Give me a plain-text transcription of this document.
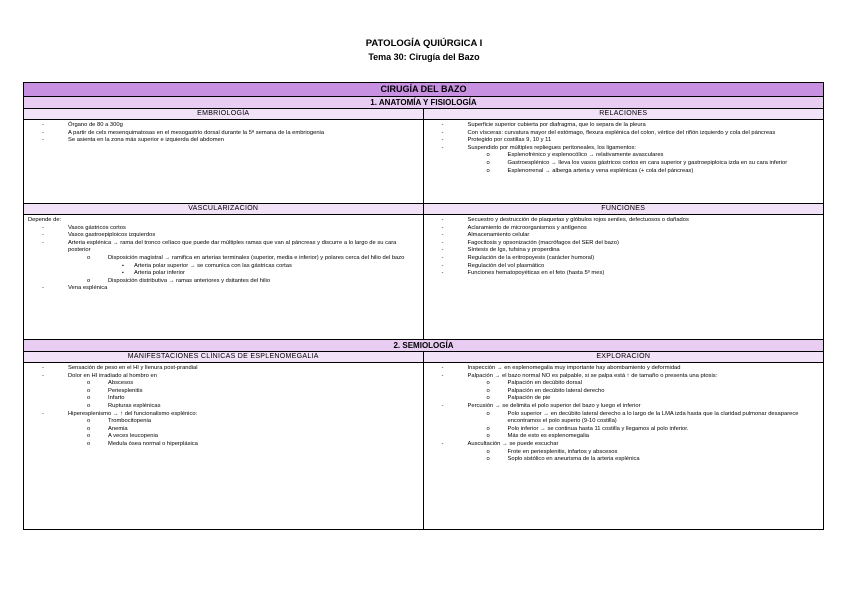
PATOLOGÍA QUIÚRGICA I
Tema 30: Cirugía del Bazo
CIRUGÍA DEL BAZO
1. ANATOMÍA Y FISIOLOGÍA
EMBRIOLOGÍA
- Órgano de 80 a 300g
- A partir de cels mesenquimatosas en el mesogastrio dorsal durante la 5ª semana de la embriogenia
- Se asienta en la zona más superior e izquierda del abdomen
RELACIONES
- Superficie superior cubierta por diafragma, que lo separa de la pleura
- Con vísceras: curvatura mayor del estómago, flexura esplénica del colon, vértice del riñón izquierdo y cola del páncreas
- Protegido por costillas 9, 10 y 11
- Suspendido por múltiples repliegues peritoneales, los ligamentos:
o Esplenofrénico y esplenocólico → relativamente avasculares
o Gastroesplénico → lleva los vasos gástricos cortos en cara superior y gastroepiploica izda en su cara inferior
o Esplenorrenal → alberga arteria y vena esplénicas (+ cola del páncreas)
VASCULARIZACIÓN
Depende de:
- Vasos gástricos cortos
- Vasos gastroepiploicos izquierdos
- Arteria esplénica → rama del tronco celíaco que puede dar múltiples ramas que van al páncreas y discurre a lo largo de su cara posterior
o Disposición magistral → ramifica en arterias terminales (superior, media e inferior) y polares cerca del hilio del bazo
▪ Arteria polar superior → se comunica con las gástricas cortas
▪ Arteria polar inferior
o Disposición distributiva → ramas anteriores y dsitantes del hilio
- Vena esplénica
FUNCIONES
- Secuestro y destrucción de plaquetas y glóbulos rojos seniles, defectuosos o dañados
- Aclaramiento de microorganismos y antígenos
- Almacenamiento celular
- Fagocitosis y opsonización (macrófagos del SER del bazo)
- Síntesis de Igs, tufsina y properdina
- Regulación de la eritropoyesis (carácter humoral)
- Regulación del vol plasmático
- Funciones hematopoyéticas en el feto (hasta 5º mes)
2. SEMIOLOGÍA
MANIFESTACIONES CLÍNICAS DE ESPLENOMEGALIA
- Sensación de peso en el HI y llenura post-prandial
- Dolor en HI irradiado al hombro en
o Abscesos
o Periesplenitis
o Infarto
o Rupturas esplénicas
- Hiperesplenismo → ↑ del funcionalismo esplénico:
o Trombocitopenia
o Anemia
o A veces leucopenia
o Medula ósea normal o hiperplásica
EXPLORACIÓN
- Inspección → en esplenomegalia muy importante hay abombamiento y deformidad
- Palpación → el bazo normal NO es palpable, si se palpa está ↑ de tamaño o presenta una ptosis:
o Palpación en decúbito dorsal
o Palpación en decúbito lateral derecho
o Palpación de pie
- Percusión → se delimita el polo superior del bazo y luego el inferior
o Polo superior → en decúbito lateral derecho a lo largo de la LMA izda hasta que la claridad pulmonar desaparece encontramos el polo superio (9-10 costilla)
o Polo inferior → se continua hasta 11 costilla y llegamos al polo inferior.
o Más de esto es esplenomegalia
- Auscultación → se puede escuchar
o Frote en periesplenitis, infartos y abscesos
o Soplo sistólico en aneurisma de la arteria esplénica
